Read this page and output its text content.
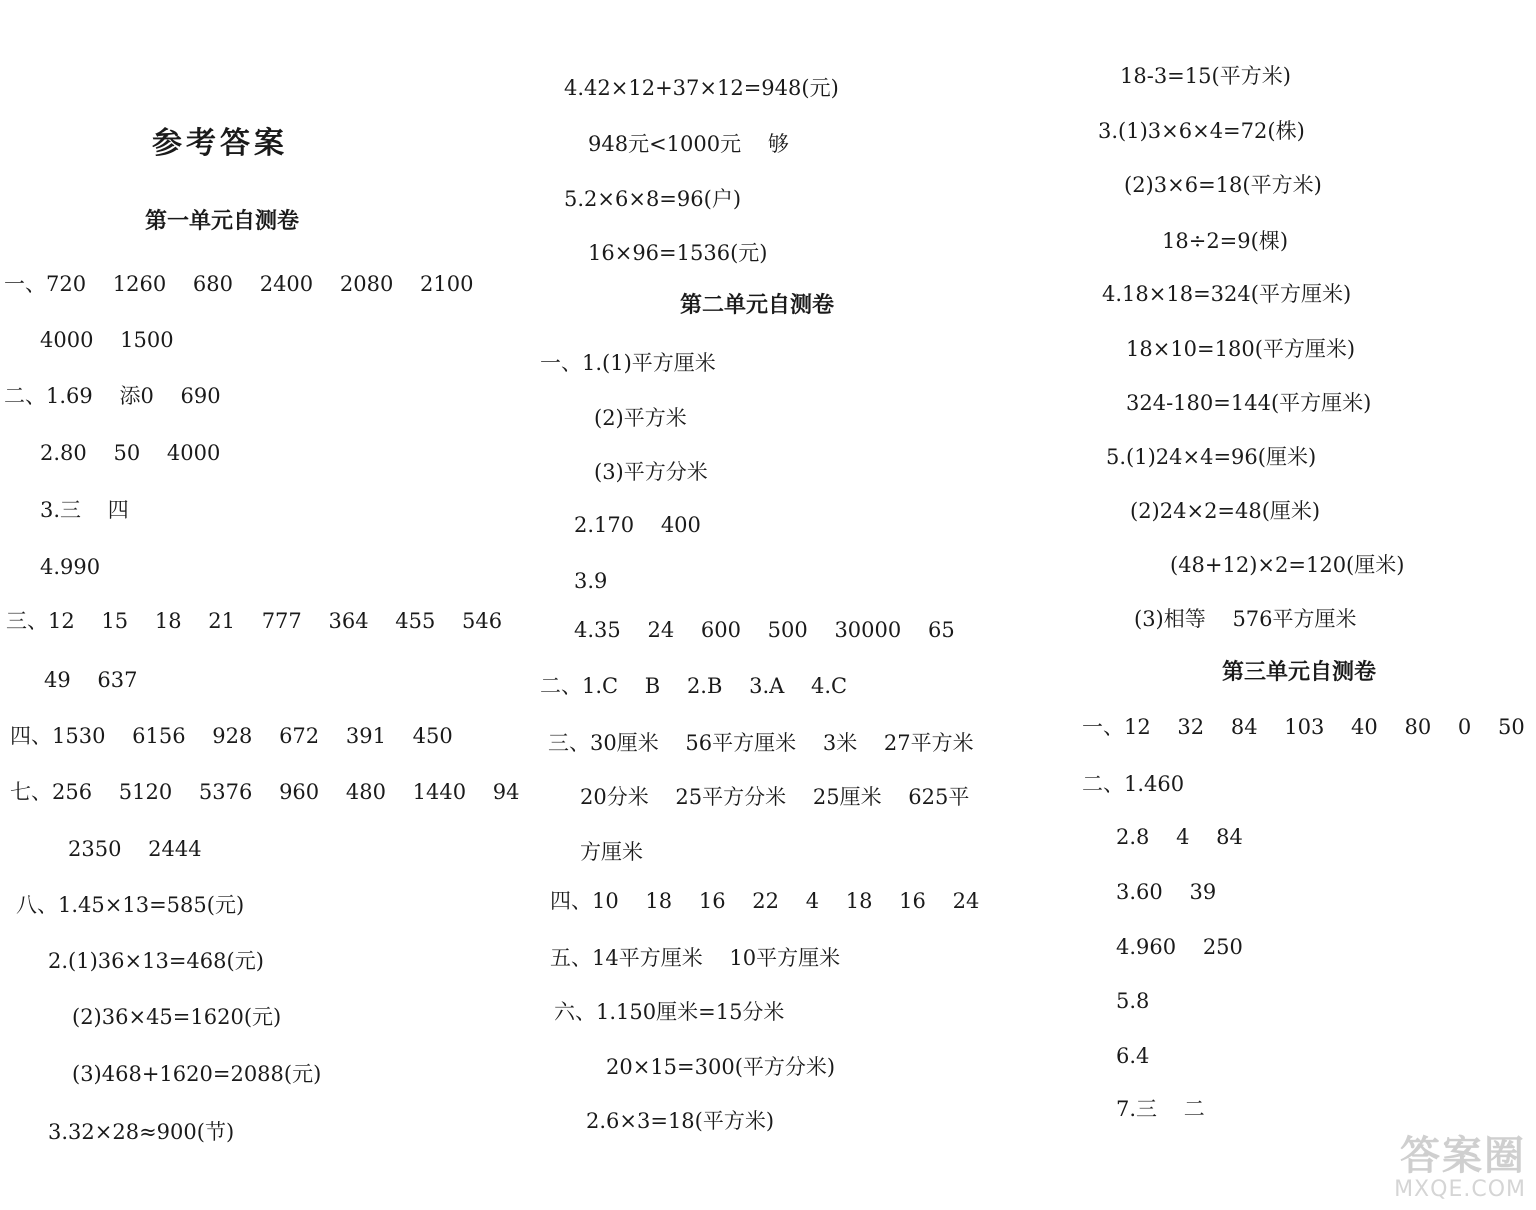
参考答案
第一单元自测卷
一、720    1260    680    2400    2080    2100
4000    1500
二、1.69    添0    690
2.80    50    4000
3.三    四
4.990
三、12    15    18    21    777    364    455    546
49    637
四、1530    6156    928    672    391    450
七、256    5120    5376    960    480    1440    94
2350    2444
八、1.45×13=585(元)
2.(1)36×13=468(元)
(2)36×45=1620(元)
(3)468+1620=2088(元)
3.32×28≈900(节)
4.42×12+37×12=948(元)
948元<1000元    够
5.2×6×8=96(户)
16×96=1536(元)
第二单元自测卷
一、1.(1)平方厘米
(2)平方米
(3)平方分米
2.170    400
3.9
4.35    24    600    500    30000    65
二、1.C    B    2.B    3.A    4.C
三、30厘米    56平方厘米    3米    27平方米
20分米    25平方分米    25厘米    625平
方厘米
四、10    18    16    22    4    18    16    24
五、14平方厘米    10平方厘米
六、1.150厘米=15分米
20×15=300(平方分米)
2.6×3=18(平方米)
18-3=15(平方米)
3.(1)3×6×4=72(株)
(2)3×6=18(平方米)
18÷2=9(棵)
4.18×18=324(平方厘米)
18×10=180(平方厘米)
324-180=144(平方厘米)
5.(1)24×4=96(厘米)
(2)24×2=48(厘米)
(48+12)×2=120(厘米)
(3)相等    576平方厘米
第三单元自测卷
一、12    32    84    103    40    80    0    50
二、1.460
2.8    4    84
3.60    39
4.960    250
5.8
6.4
7.三    二
答案圈
MXQE.COM
